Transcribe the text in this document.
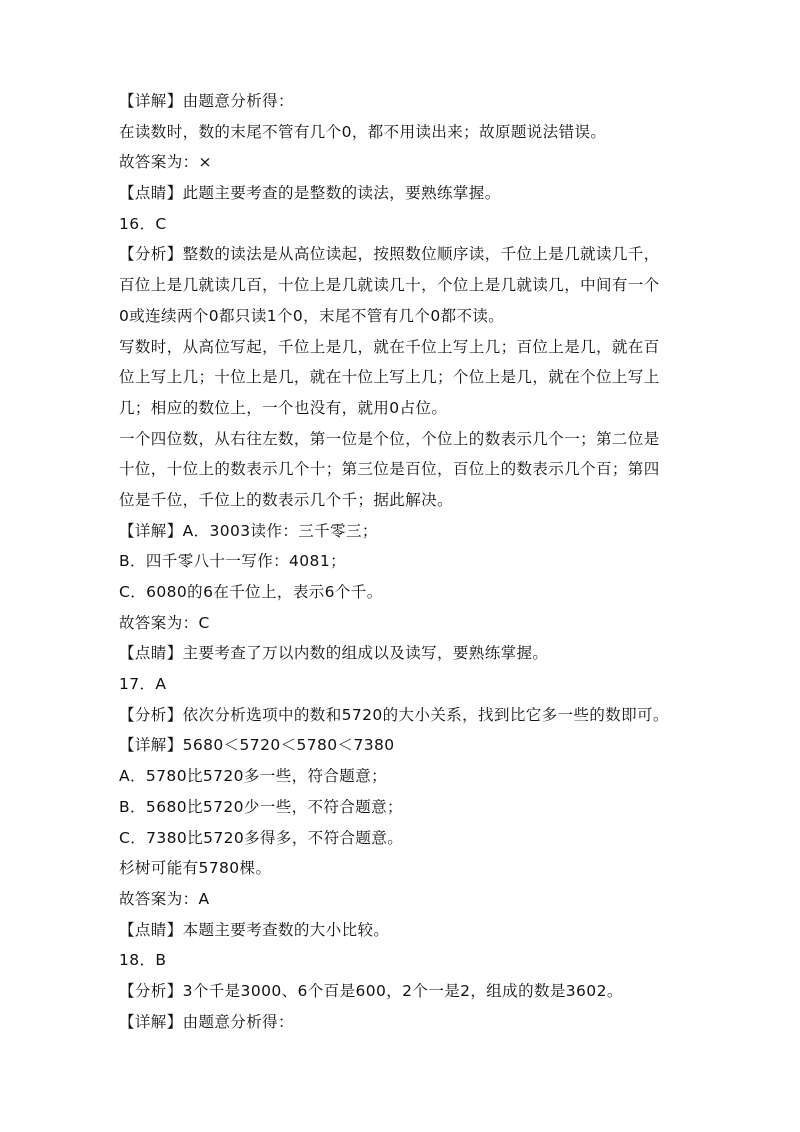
【详解】由题意分析得：
在读数时，数的末尾不管有几个0，都不用读出来；故原题说法错误。
故答案为：×
【点睛】此题主要考查的是整数的读法，要熟练掌握。
16．C
【分析】整数的读法是从高位读起，按照数位顺序读，千位上是几就读几千，
百位上是几就读几百，十位上是几就读几十，个位上是几就读几，中间有一个
0或连续两个0都只读1个0，末尾不管有几个0都不读。
写数时，从高位写起，千位上是几，就在千位上写上几；百位上是几，就在百
位上写上几；十位上是几，就在十位上写上几；个位上是几，就在个位上写上
几；相应的数位上，一个也没有，就用0占位。
一个四位数，从右往左数，第一位是个位，个位上的数表示几个一；第二位是
十位，十位上的数表示几个十；第三位是百位，百位上的数表示几个百；第四
位是千位，千位上的数表示几个千；据此解决。
【详解】A．3003读作：三千零三；
B．四千零八十一写作：4081；
C．6080的6在千位上，表示6个千。
故答案为：C
【点睛】主要考查了万以内数的组成以及读写，要熟练掌握。
17．A
【分析】依次分析选项中的数和5720的大小关系，找到比它多一些的数即可。
【详解】5680＜5720＜5780＜7380
A．5780比5720多一些，符合题意；
B．5680比5720少一些，不符合题意；
C．7380比5720多得多，不符合题意。
杉树可能有5780棵。
故答案为：A
【点睛】本题主要考查数的大小比较。
18．B
【分析】3个千是3000、6个百是600，2个一是2，组成的数是3602。
【详解】由题意分析得：
